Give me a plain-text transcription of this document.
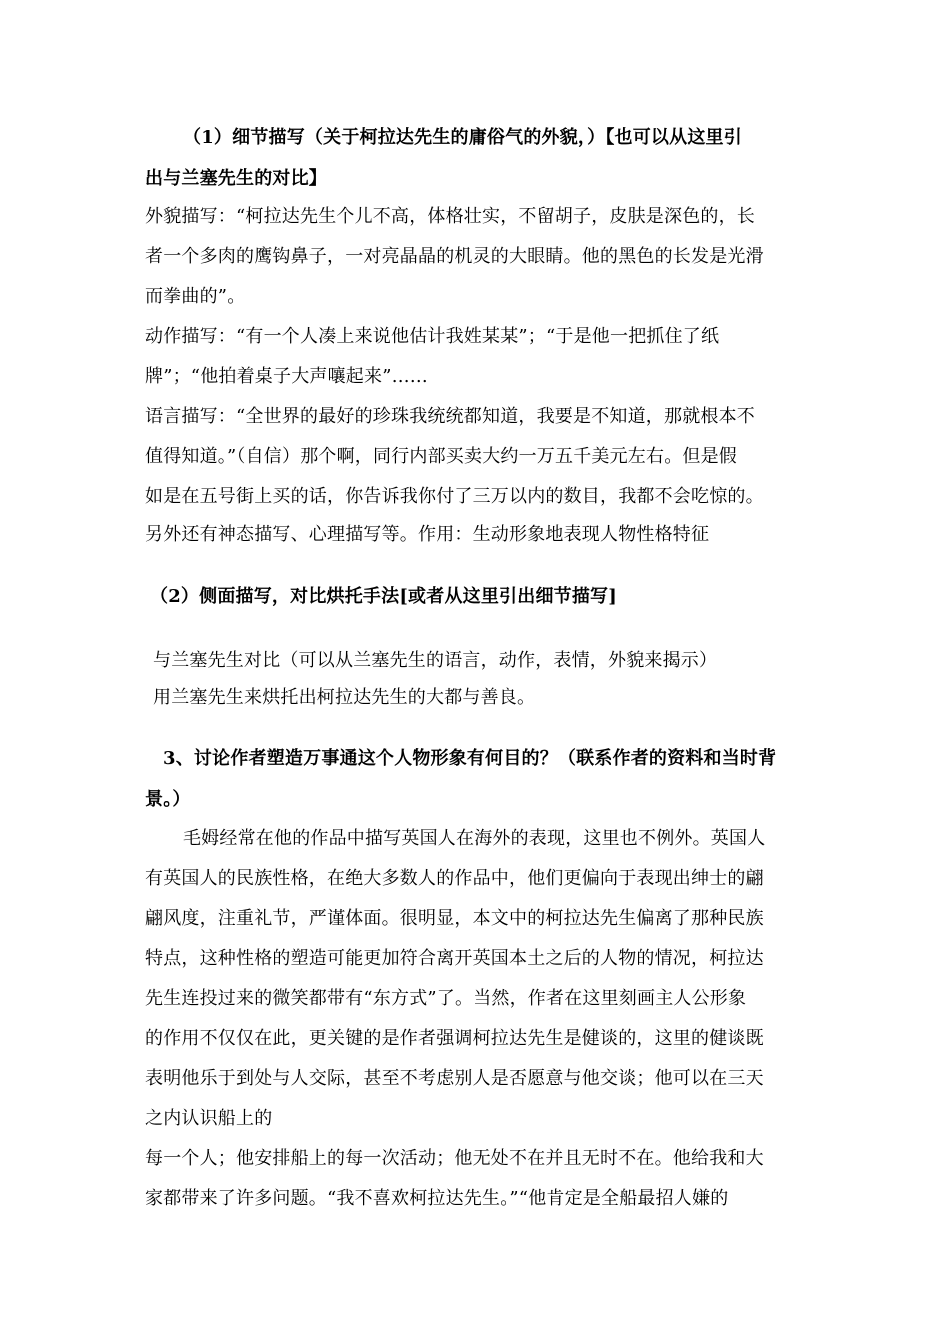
（1）细节描写（关于柯拉达先生的庸俗气的外貌，）【也可以从这里引
出与兰塞先生的对比】
外貌描写：“柯拉达先生个儿不高，体格壮实，不留胡子，皮肤是深色的，长
者一个多肉的鹰钩鼻子，一对亮晶晶的机灵的大眼睛。他的黑色的长发是光滑
而拳曲的”。
动作描写：“有一个人凑上来说他估计我姓某某”；“于是他一把抓住了纸
牌”；“他拍着桌子大声嚷起来”……
语言描写：“全世界的最好的珍珠我统统都知道，我要是不知道，那就根本不
值得知道。”（自信）那个啊，同行内部买卖大约一万五千美元左右。但是假
如是在五号街上买的话，你告诉我你付了三万以内的数目，我都不会吃惊的。
另外还有神态描写、心理描写等。作用：生动形象地表现人物性格特征
（2）侧面描写，对比烘托手法[或者从这里引出细节描写]
与兰塞先生对比（可以从兰塞先生的语言，动作，表情，外貌来揭示）
用兰塞先生来烘托出柯拉达先生的大都与善良。
3、讨论作者塑造万事通这个人物形象有何目的？（联系作者的资料和当时背
景。）
毛姆经常在他的作品中描写英国人在海外的表现，这里也不例外。英国人
有英国人的民族性格，在绝大多数人的作品中，他们更偏向于表现出绅士的翩
翩风度，注重礼节，严谨体面。很明显，本文中的柯拉达先生偏离了那种民族
特点，这种性格的塑造可能更加符合离开英国本土之后的人物的情况，柯拉达
先生连投过来的微笑都带有“东方式”了。当然，作者在这里刻画主人公形象
的作用不仅仅在此，更关键的是作者强调柯拉达先生是健谈的，这里的健谈既
表明他乐于到处与人交际，甚至不考虑别人是否愿意与他交谈；他可以在三天
之内认识船上的
每一个人；他安排船上的每一次活动；他无处不在并且无时不在。他给我和大
家都带来了许多问题。“我不喜欢柯拉达先生。”“他肯定是全船最招人嫌的
